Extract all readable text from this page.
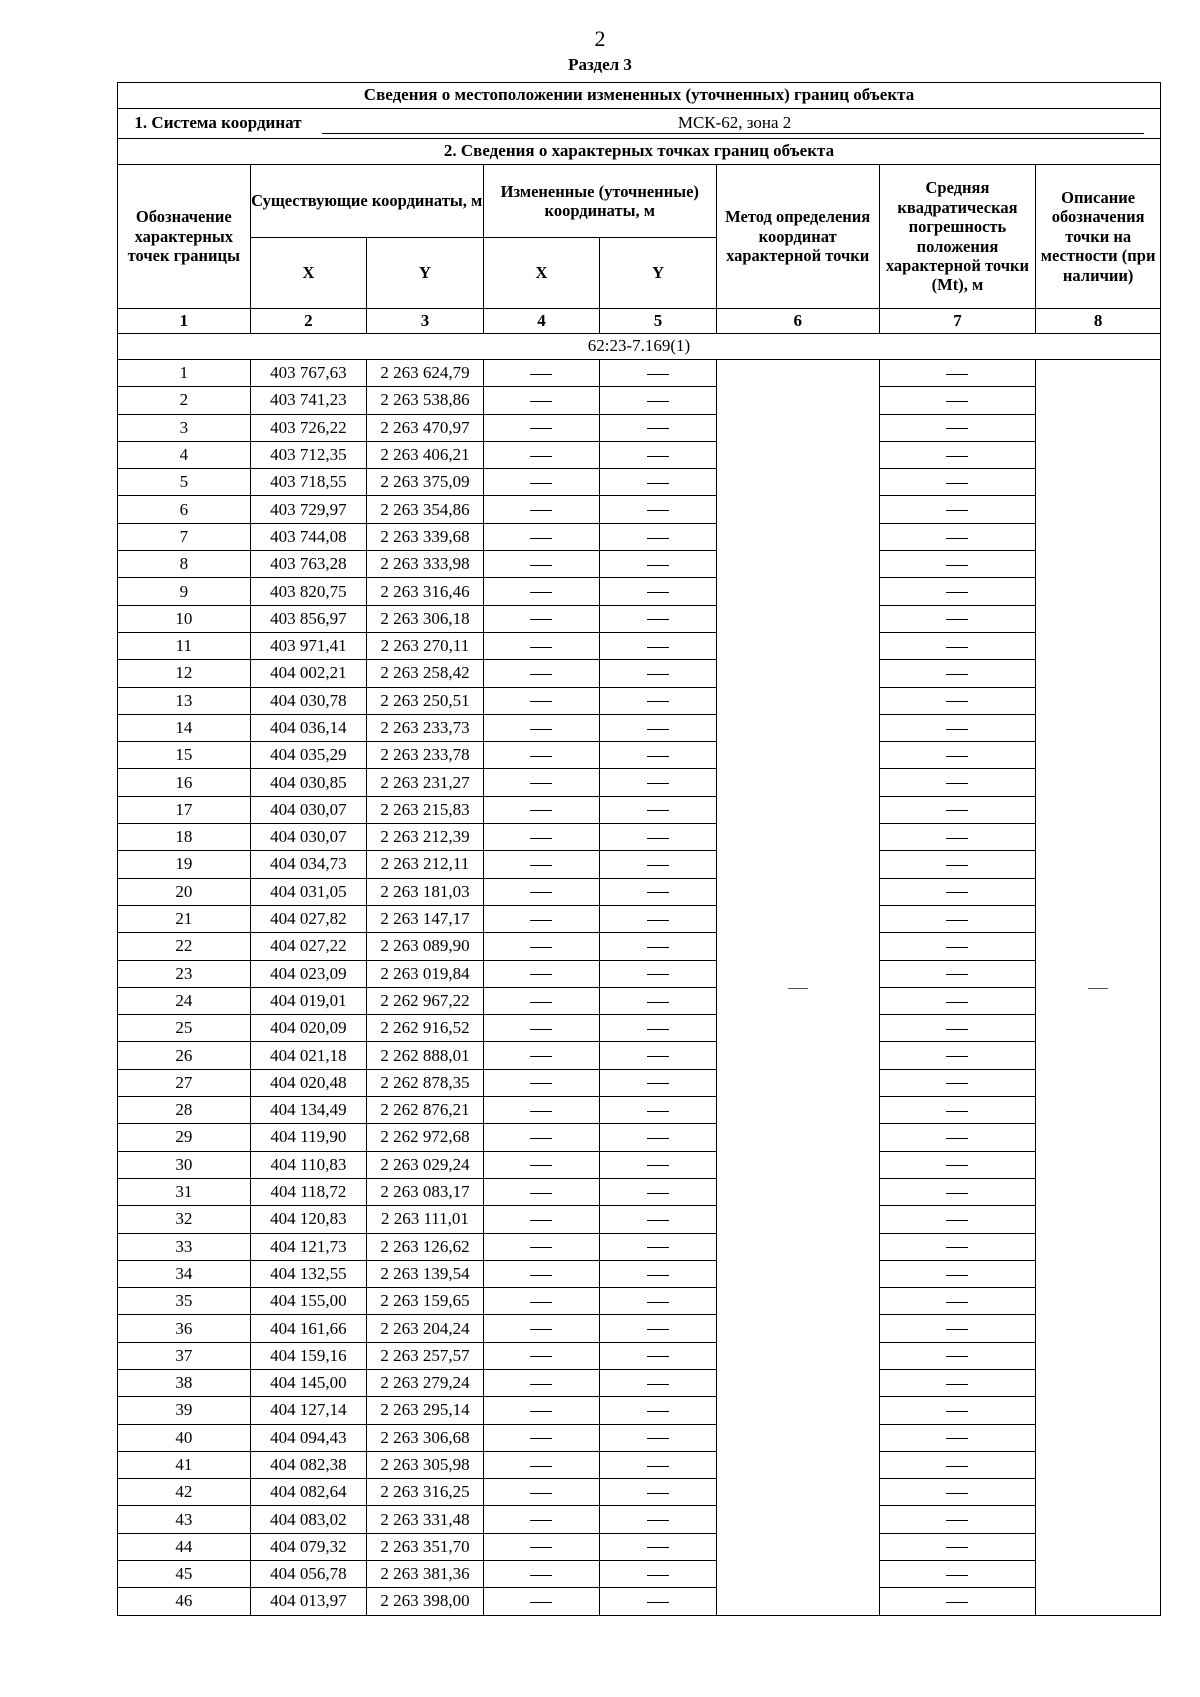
2
Раздел 3
Сведения о местоположении измененных (уточненных) границ объекта							
1. Система координат МСК-62, зона 2							
2. Сведения о характерных точках границ объекта							
Обозначение характерных точек границы	Существующие координаты, м		Измененные (уточненные) координаты, м		Метод определения координат характерной точки	Средняя квадратическая погрешность положения характерной точки (Mt), м	Описание обозначения точки на местности (при наличии)
	X	Y	X	Y			
1	2	3	4	5	6	7	8
62:23-7.169(1)							
1	403 767,63	2 263 624,79					
2	403 741,23	2 263 538,86					
3	403 726,22	2 263 470,97					
4	403 712,35	2 263 406,21					
5	403 718,55	2 263 375,09					
6	403 729,97	2 263 354,86					
7	403 744,08	2 263 339,68					
8	403 763,28	2 263 333,98					
9	403 820,75	2 263 316,46					
10	403 856,97	2 263 306,18					
11	403 971,41	2 263 270,11					
12	404 002,21	2 263 258,42					
13	404 030,78	2 263 250,51					
14	404 036,14	2 263 233,73					
15	404 035,29	2 263 233,78					
16	404 030,85	2 263 231,27					
17	404 030,07	2 263 215,83					
18	404 030,07	2 263 212,39					
19	404 034,73	2 263 212,11					
20	404 031,05	2 263 181,03					
21	404 027,82	2 263 147,17					
22	404 027,22	2 263 089,90					
23	404 023,09	2 263 019,84					
24	404 019,01	2 262 967,22					
25	404 020,09	2 262 916,52					
26	404 021,18	2 262 888,01					
27	404 020,48	2 262 878,35					
28	404 134,49	2 262 876,21					
29	404 119,90	2 262 972,68					
30	404 110,83	2 263 029,24					
31	404 118,72	2 263 083,17					
32	404 120,83	2 263 111,01					
33	404 121,73	2 263 126,62					
34	404 132,55	2 263 139,54					
35	404 155,00	2 263 159,65					
36	404 161,66	2 263 204,24					
37	404 159,16	2 263 257,57					
38	404 145,00	2 263 279,24					
39	404 127,14	2 263 295,14					
40	404 094,43	2 263 306,68					
41	404 082,38	2 263 305,98					
42	404 082,64	2 263 316,25					
43	404 083,02	2 263 331,48					
44	404 079,32	2 263 351,70					
45	404 056,78	2 263 381,36					
46	404 013,97	2 263 398,00					
